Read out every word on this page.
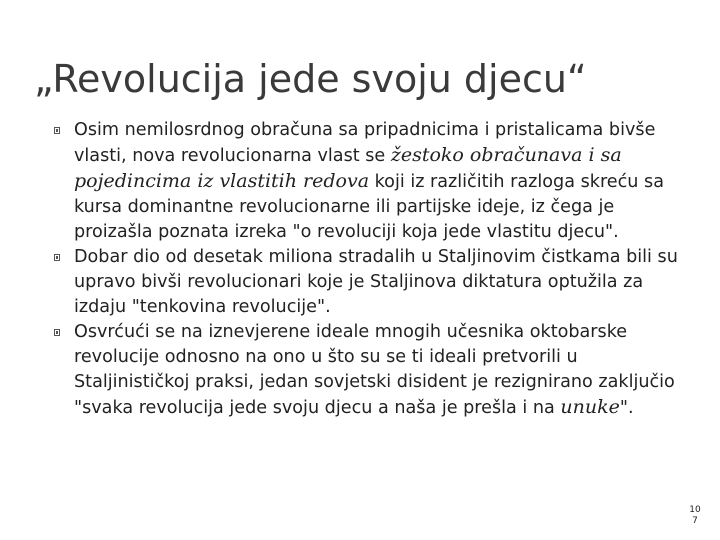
„Revolucija jede svoju djecu“
Osim nemilosrdnog obračuna sa pripadnicima i pristalicama bivše vlasti, nova revolucionarna vlast se žestoko obračunava i sa pojedincima iz vlastitih redova koji iz različitih razloga skreću sa kursa dominantne revolucionarne ili partijske ideje, iz čega je proizašla poznata izreka "o revoluciji koja jede vlastitu djecu".
Dobar dio od desetak miliona stradalih u Staljinovim čistkama bili su upravo bivši revolucionari koje je Staljinova diktatura optužila za izdaju "tenkovina revolucije".
Osvrćući se na iznevjerene ideale mnogih učesnika oktobarske revolucije odnosno na ono u što su se ti ideali pretvorili u Staljinističkoj praksi, jedan sovjetski disident je rezignirano zaključio "svaka revolucija jede svoju djecu a naša je prešla i na unuke".
10
7
